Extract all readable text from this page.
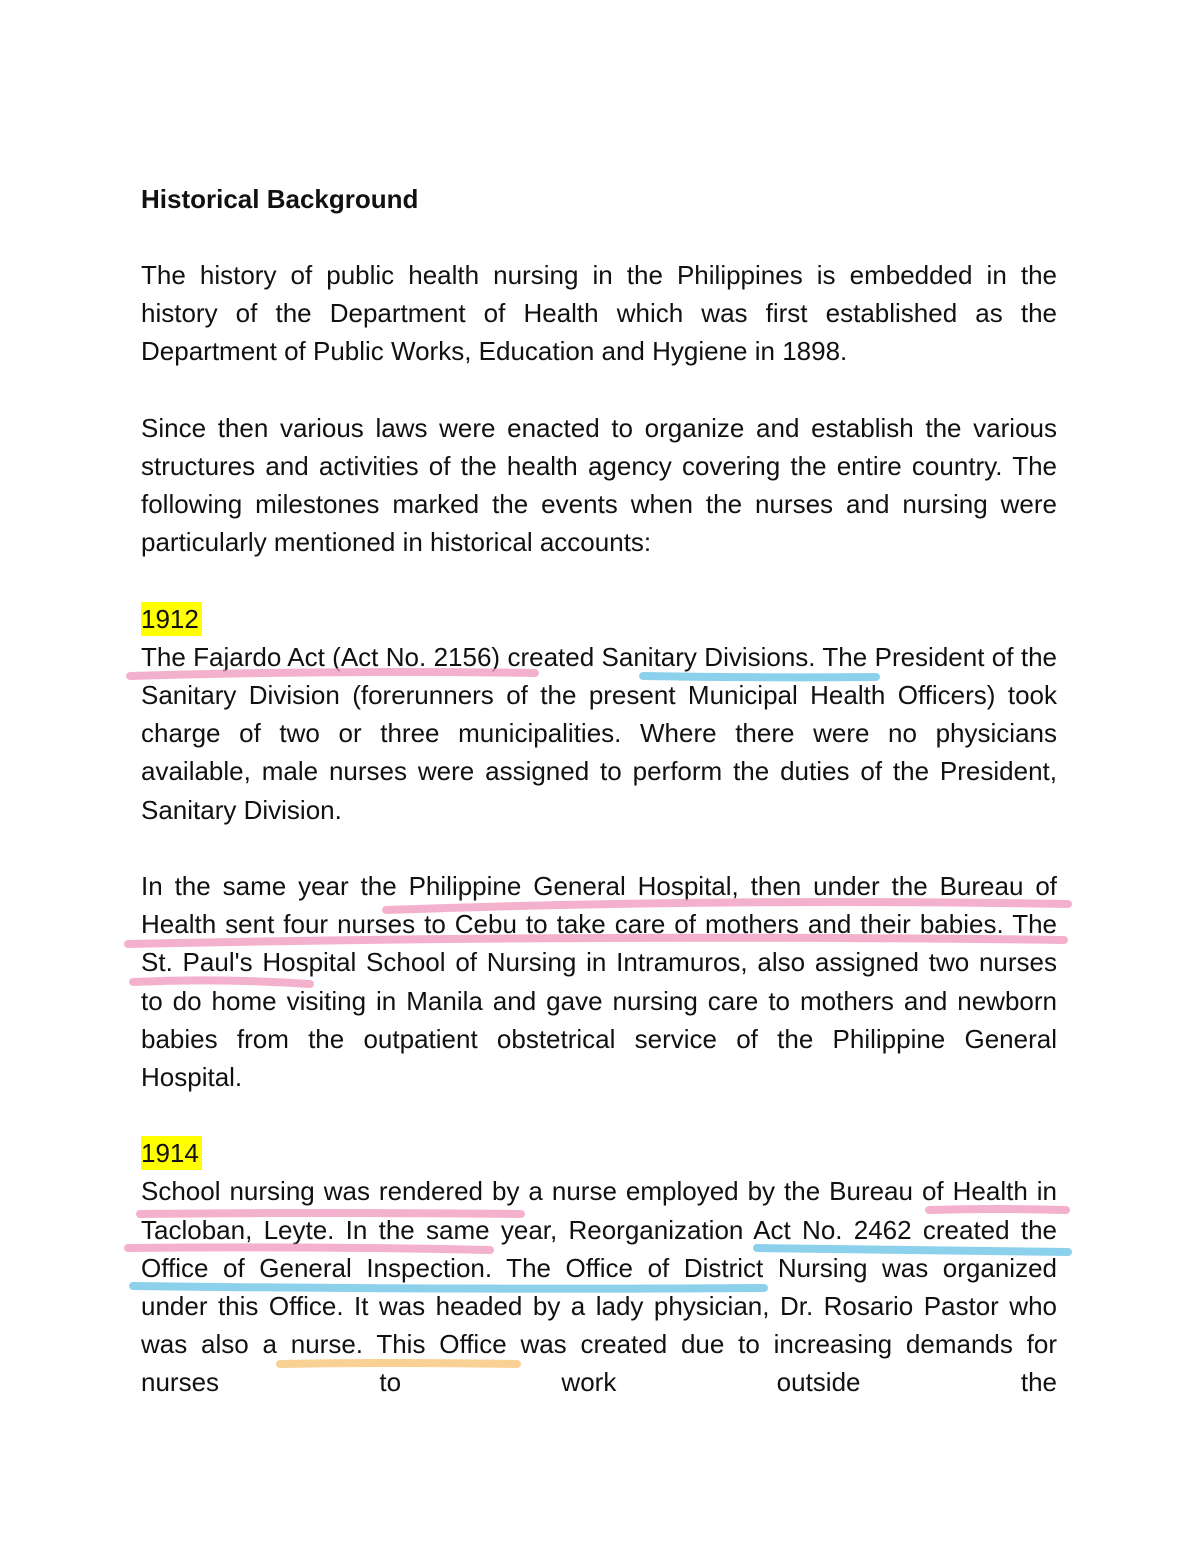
Historical Background
The history of public health nursing in the Philippines is embedded in the history of the Department of Health which was first established as the Department of Public Works, Education and Hygiene in 1898.
Since then various laws were enacted to organize and establish the various structures and activities of the health agency covering the entire country. The following milestones marked the events when the nurses and nursing were particularly mentioned in historical accounts:
1912
The Fajardo Act (Act No. 2156) created Sanitary Divisions. The President of the Sanitary Division (forerunners of the present Municipal Health Officers) took charge of two or three municipalities. Where there were no physicians available, male nurses were assigned to perform the duties of the President, Sanitary Division.
In the same year the Philippine General Hospital, then under the Bureau of Health sent four nurses to Cebu to take care of mothers and their babies. The St. Paul's Hospital School of Nursing in Intramuros, also assigned two nurses to do home visiting in Manila and gave nursing care to mothers and newborn babies from the outpatient obstetrical service of the Philippine General Hospital.
1914
School nursing was rendered by a nurse employed by the Bureau of Health in Tacloban, Leyte. In the same year, Reorganization Act No. 2462 created the Office of General Inspection. The Office of District Nursing was organized under this Office. It was headed by a lady physician, Dr. Rosario Pastor who was also a nurse. This Office was created due to increasing demands for nurses to work outside the
